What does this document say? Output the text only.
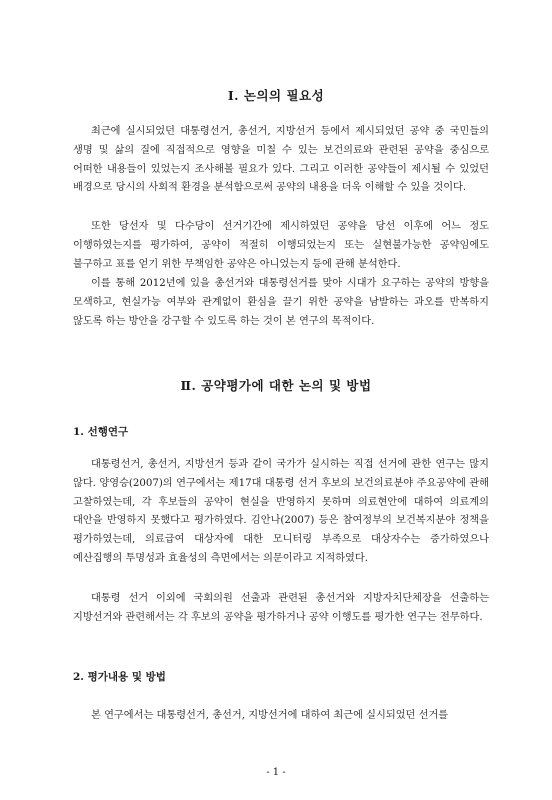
Ⅰ. 논의의 필요성

최근에 실시되었던 대통령선거, 총선거, 지방선거 등에서 제시되었던 공약 중 국민들의 생명 및 삶의 질에 직접적으로 영향을 미칠 수 있는 보건의료와 관련된 공약을 중심으로 어떠한 내용들이 있었는지 조사해볼 필요가 있다. 그리고 이러한 공약들이 제시될 수 있었던 배경으로 당시의 사회적 환경을 분석함으로써 공약의 내용을 더욱 이해할 수 있을 것이다.

또한 당선자 및 다수당이 선거기간에 제시하였던 공약을 당선 이후에 어느 정도 이행하였는지를 평가하여, 공약이 적절히 이행되었는지 또는 실현불가능한 공약임에도 불구하고 표를 얻기 위한 무책임한 공약은 아니었는지 등에 관해 분석한다.

이를 통해 2012년에 있을 총선거와 대통령선거를 맞아 시대가 요구하는 공약의 방향을 모색하고, 현실가능 여부와 관계없이 환심을 끌기 위한 공약을 남발하는 과오를 반복하지 않도록 하는 방안을 강구할 수 있도록 하는 것이 본 연구의 목적이다.

Ⅱ. 공약평가에 대한 논의 및 방법
1. 선행연구

대통령선거, 총선거, 지방선거 등과 같이 국가가 실시하는 직접 선거에 관한 연구는 많지 않다. 양영승(2007)의 연구에서는 제17대 대통령 선거 후보의 보건의료분야 주요공약에 관해 고찰하였는데, 각 후보들의 공약이 현실을 반영하지 못하며 의료현안에 대하여 의료계의 대안을 반영하지 못했다고 평가하였다. 김안나(2007) 등은 참여정부의 보건복지분야 정책을 평가하였는데, 의료급여 대상자에 대한 모니터링 부족으로 대상자수는 증가하였으나 예산집행의 투명성과 효율성의 측면에서는 의문이라고 지적하였다.

대통령 선거 이외에 국회의원 선출과 관련된 총선거와 지방자치단체장을 선출하는 지방선거와 관련해서는 각 후보의 공약을 평가하거나 공약 이행도를 평가한 연구는 전무하다.

2. 평가내용 및 방법

본 연구에서는 대통령선거, 총선거, 지방선거에 대하여 최근에 실시되었던 선거를

- 1 -
